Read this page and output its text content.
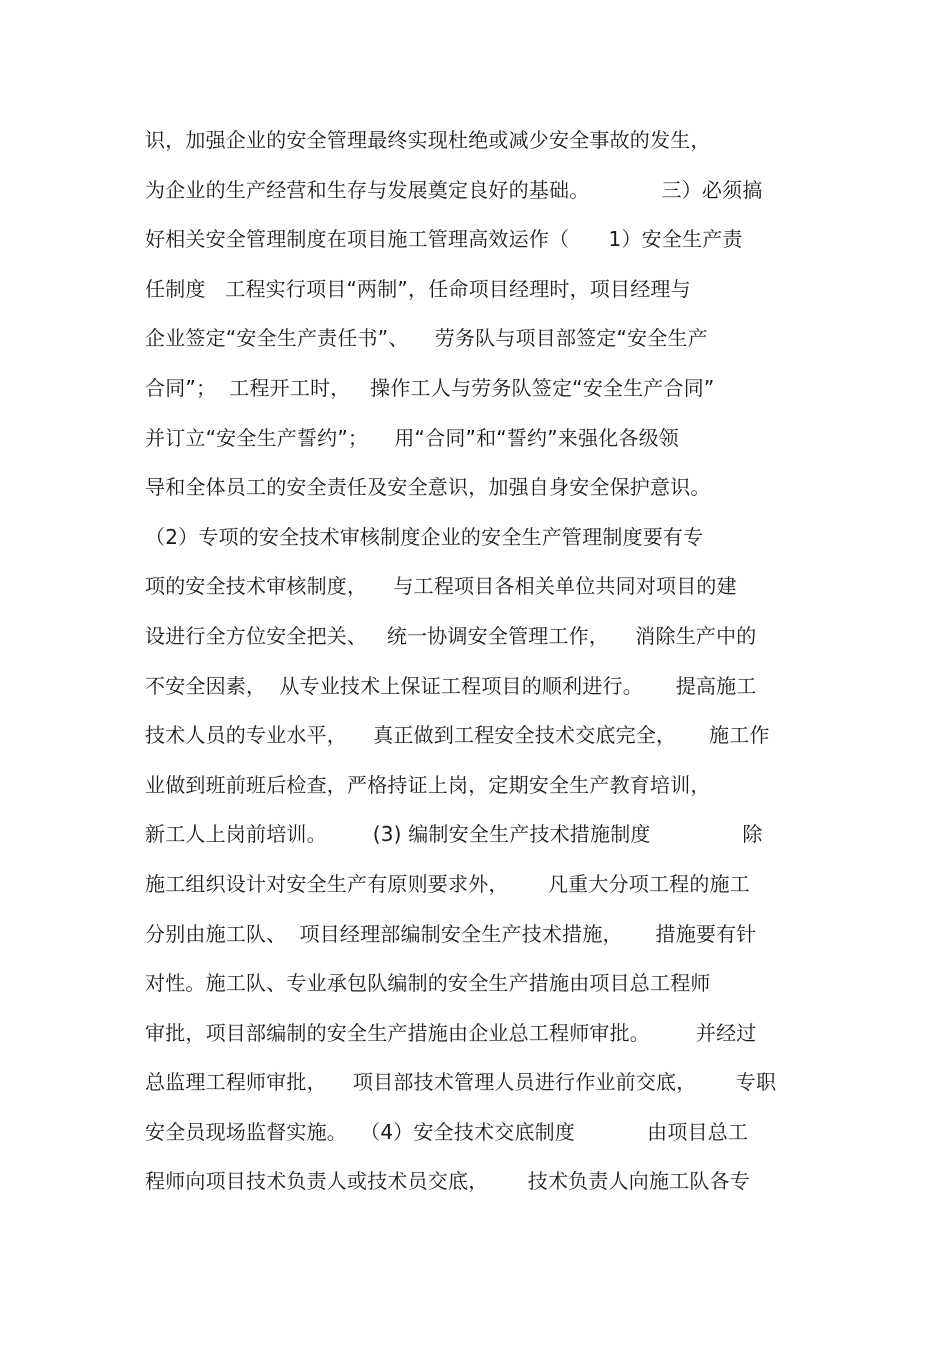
识，加强企业的安全管理最终实现杜绝或减少安全事故的发生，
为企业的生产经营和生存与发展奠定良好的基础。           三）必须搞
好相关安全管理制度在项目施工管理高效运作（      1）安全生产责
任制度   工程实行项目“两制”，任命项目经理时，项目经理与
企业签定“安全生产责任书”、    劳务队与项目部签定“安全生产
合同”；  工程开工时，   操作工人与劳务队签定“安全生产合同”
并订立“安全生产誓约”；    用“合同”和“誓约”来强化各级领
导和全体员工的安全责任及安全意识，加强自身安全保护意识。
（2）专项的安全技术审核制度企业的安全生产管理制度要有专
项的安全技术审核制度，    与工程项目各相关单位共同对项目的建
设进行全方位安全把关、   统一协调安全管理工作，    消除生产中的
不安全因素，  从专业技术上保证工程项目的顺利进行。     提高施工
技术人员的专业水平，    真正做到工程安全技术交底完全，     施工作
业做到班前班后检查，严格持证上岗，定期安全生产教育培训，
新工人上岗前培训。       (3) 编制安全生产技术措施制度              除
施工组织设计对安全生产有原则要求外，      凡重大分项工程的施工
分别由施工队、  项目经理部编制安全生产技术措施，     措施要有针
对性。施工队、专业承包队编制的安全生产措施由项目总工程师
审批，项目部编制的安全生产措施由企业总工程师审批。       并经过
总监理工程师审批，    项目部技术管理人员进行作业前交底，      专职
安全员现场监督实施。  （4）安全技术交底制度           由项目总工
程师向项目技术负责人或技术员交底，      技术负责人向施工队各专
